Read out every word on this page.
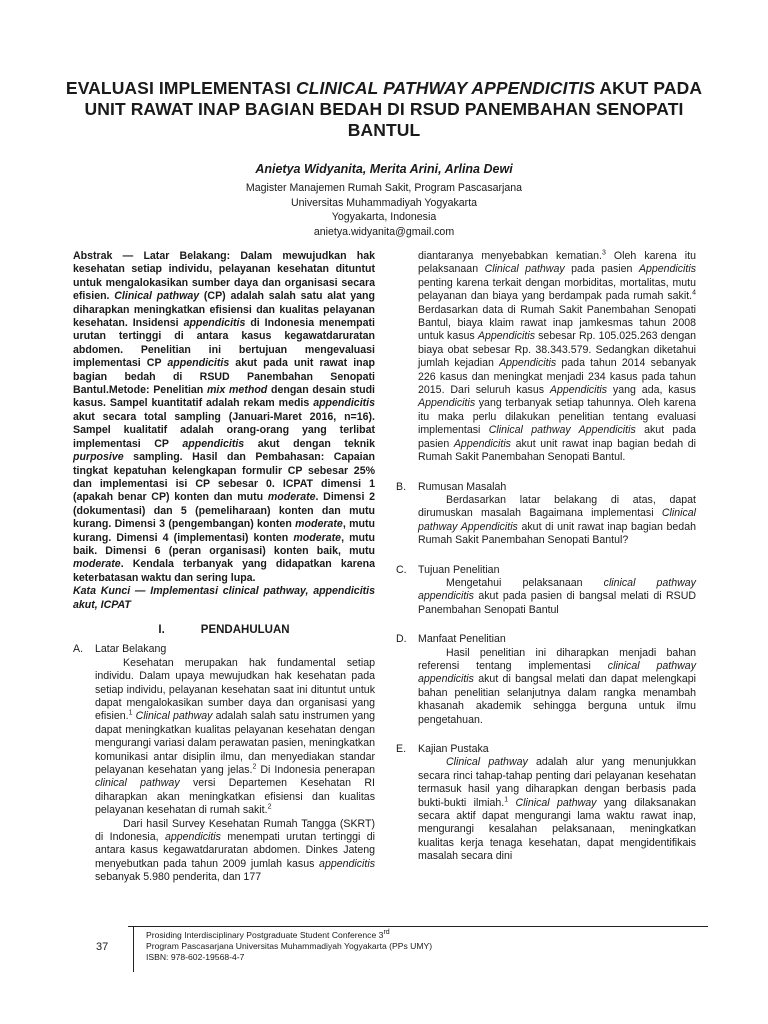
EVALUASI IMPLEMENTASI CLINICAL PATHWAY APPENDICITIS AKUT PADA UNIT RAWAT INAP BAGIAN BEDAH DI RSUD PANEMBAHAN SENOPATI BANTUL

Anietya Widyanita, Merita Arini, Arlina Dewi

Magister Manajemen Rumah Sakit, Program Pascasarjana
Universitas Muhammadiyah Yogyakarta
Yogyakarta, Indonesia
anietya.widyanita@gmail.com

Abstrak — Latar Belakang: Dalam mewujudkan hak kesehatan setiap individu, pelayanan kesehatan dituntut untuk mengalokasikan sumber daya dan organisasi secara efisien. Clinical pathway (CP) adalah salah satu alat yang diharapkan meningkatkan efisiensi dan kualitas pelayanan kesehatan. Insidensi appendicitis di Indonesia menempati urutan tertinggi di antara kasus kegawatdaruratan abdomen. Penelitian ini bertujuan mengevaluasi implementasi CP appendicitis akut pada unit rawat inap bagian bedah di RSUD Panembahan Senopati Bantul.Metode: Penelitian mix method dengan desain studi kasus. Sampel kuantitatif adalah rekam medis appendicitis akut secara total sampling (Januari-Maret 2016, n=16). Sampel kualitatif adalah orang-orang yang terlibat implementasi CP appendicitis akut dengan teknik purposive sampling. Hasil dan Pembahasan: Capaian tingkat kepatuhan kelengkapan formulir CP sebesar 25% dan implementasi isi CP sebesar 0. ICPAT dimensi 1 (apakah benar CP) konten dan mutu moderate. Dimensi 2 (dokumentasi) dan 5 (pemeliharaan) konten dan mutu kurang. Dimensi 3 (pengembangan) konten moderate, mutu kurang. Dimensi 4 (implementasi) konten moderate, mutu baik. Dimensi 6 (peran organisasi) konten baik, mutu moderate. Kendala terbanyak yang didapatkan karena keterbatasan waktu dan sering lupa.

Kata Kunci — Implementasi clinical pathway, appendicitis akut, ICPAT

I.	PENDAHULUAN
A.	Latar Belakang

Kesehatan merupakan hak fundamental setiap individu. Dalam upaya mewujudkan hak kesehatan pada setiap individu, pelayanan kesehatan saat ini dituntut untuk dapat mengalokasikan sumber daya dan organisasi yang efisien.$^1$ Clinical pathway adalah salah satu instrumen yang dapat meningkatkan kualitas pelayanan kesehatan dengan mengurangi variasi dalam perawatan pasien, meningkatkan komunikasi antar disiplin ilmu, dan menyediakan standar pelayanan kesehatan yang jelas.$^2$ Di Indonesia penerapan clinical pathway versi Departemen Kesehatan RI diharapkan akan meningkatkan efisiensi dan kualitas pelayanan kesehatan di rumah sakit.$^2$

Dari hasil Survey Kesehatan Rumah Tangga (SKRT) di Indonesia, appendicitis menempati urutan tertinggi di antara kasus kegawatdaruratan abdomen. Dinkes Jateng menyebutkan pada tahun 2009 jumlah kasus appendicitis sebanyak 5.980 penderita, dan 177

diantaranya menyebabkan kematian.$^3$ Oleh karena itu pelaksanaan Clinical pathway pada pasien Appendicitis penting karena terkait dengan morbiditas, mortalitas, mutu pelayanan dan biaya yang berdampak pada rumah sakit.$^4$ Berdasarkan data di Rumah Sakit Panembahan Senopati Bantul, biaya klaim rawat inap jamkesmas tahun 2008 untuk kasus Appendicitis sebesar Rp. 105.025.263 dengan biaya obat sebesar Rp. 38.343.579. Sedangkan diketahui jumlah kejadian Appendicitis pada tahun 2014 sebanyak 226 kasus dan meningkat menjadi 234 kasus pada tahun 2015. Dari seluruh kasus Appendicitis yang ada, kasus Appendicitis yang terbanyak setiap tahunnya. Oleh karena itu maka perlu dilakukan penelitian tentang evaluasi implementasi Clinical pathway Appendicitis akut pada pasien Appendicitis akut unit rawat inap bagian bedah di Rumah Sakit Panembahan Senopati Bantul.

B.	Rumusan Masalah

Berdasarkan latar belakang di atas, dapat dirumuskan masalah Bagaimana implementasi Clinical pathway Appendicitis akut di unit rawat inap bagian bedah Rumah Sakit Panembahan Senopati Bantul?

C.	Tujuan Penelitian

Mengetahui pelaksanaan clinical pathway appendicitis akut pada pasien di bangsal melati di RSUD Panembahan Senopati Bantul

D.	Manfaat Penelitian

Hasil penelitian ini diharapkan menjadi bahan referensi tentang implementasi clinical pathway appendicitis akut di bangsal melati dan dapat melengkapi bahan penelitian selanjutnya dalam rangka menambah khasanah akademik sehingga berguna untuk ilmu pengetahuan.

E.	Kajian Pustaka

Clinical pathway adalah alur yang menunjukkan secara rinci tahap-tahap penting dari pelayanan kesehatan termasuk hasil yang diharapkan dengan berbasis pada bukti-bukti ilmiah.$^1$ Clinical pathway yang dilaksanakan secara aktif dapat mengurangi lama waktu rawat inap, mengurangi kesalahan pelaksanaan, meningkatkan kualitas kerja tenaga kesehatan, dapat mengidentifikais masalah secara dini

37
Prosiding Interdisciplinary Postgraduate Student Conference 3rd
Program Pascasarjana Universitas Muhammadiyah Yogyakarta (PPs UMY)
ISBN: 978-602-19568-4-7
